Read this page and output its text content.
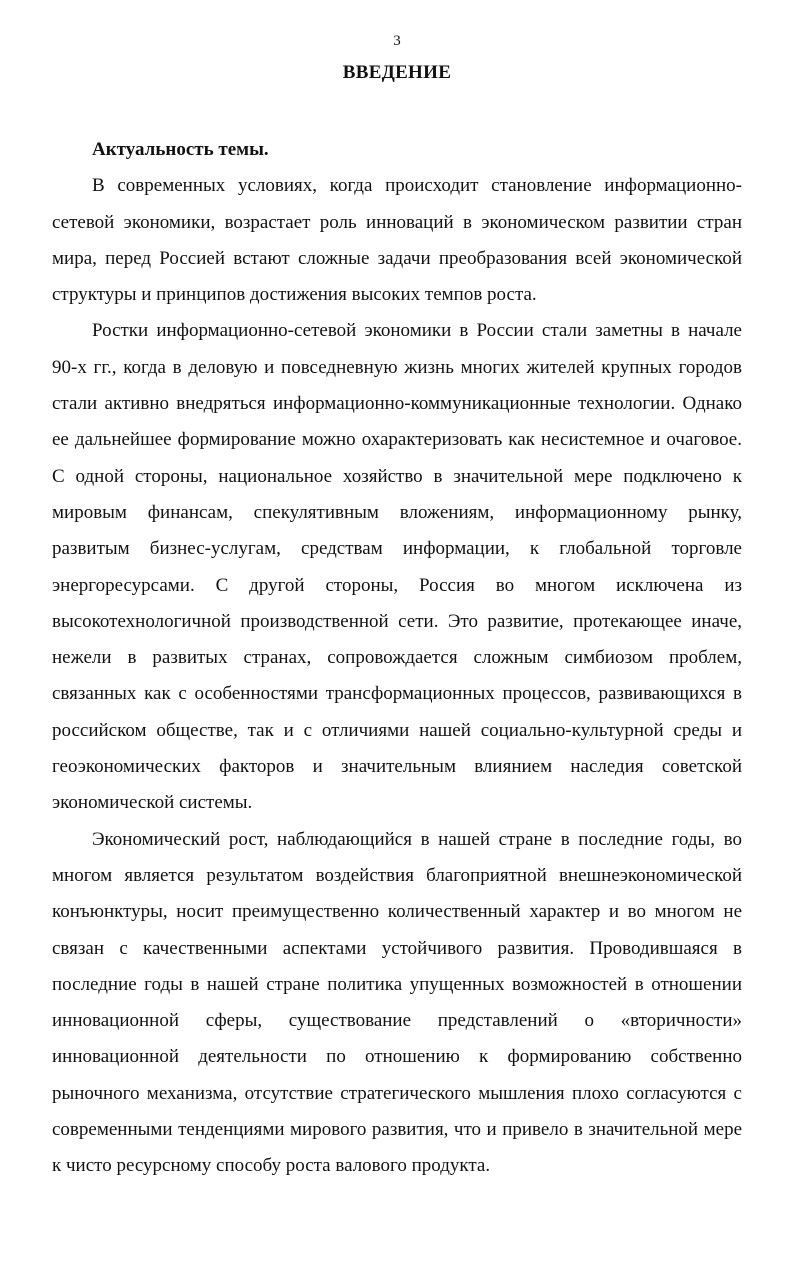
3
ВВЕДЕНИЕ

Актуальность темы.

В современных условиях, когда происходит становление информационно-сетевой экономики, возрастает роль инноваций в экономическом развитии стран мира, перед Россией встают сложные задачи преобразования всей экономической структуры и принципов достижения высоких темпов роста.

Ростки информационно-сетевой экономики в России стали заметны в начале 90-х гг., когда в деловую и повседневную жизнь многих жителей крупных городов стали активно внедряться информационно-коммуникационные технологии. Однако ее дальнейшее формирование можно охарактеризовать как несистемное и очаговое. С одной стороны, национальное хозяйство в значительной мере подключено к мировым финансам, спекулятивным вложениям, информационному рынку, развитым бизнес-услугам, средствам информации, к глобальной торговле энергоресурсами. С другой стороны, Россия во многом исключена из высокотехнологичной производственной сети. Это развитие, протекающее иначе, нежели в развитых странах, сопровождается сложным симбиозом проблем, связанных как с особенностями трансформационных процессов, развивающихся в российском обществе, так и с отличиями нашей социально-культурной среды и геоэкономических факторов и значительным влиянием наследия советской экономической системы.

Экономический рост, наблюдающийся в нашей стране в последние годы, во многом является результатом воздействия благоприятной внешнеэкономической конъюнктуры, носит преимущественно количественный характер и во многом не связан с качественными аспектами устойчивого развития. Проводившаяся в последние годы в нашей стране политика упущенных возможностей в отношении инновационной сферы, существование представлений о «вторичности» инновационной деятельности по отношению к формированию собственно рыночного механизма, отсутствие стратегического мышления плохо согласуются с современными тенденциями мирового развития, что и привело в значительной мере к чисто ресурсному способу роста валового продукта.
